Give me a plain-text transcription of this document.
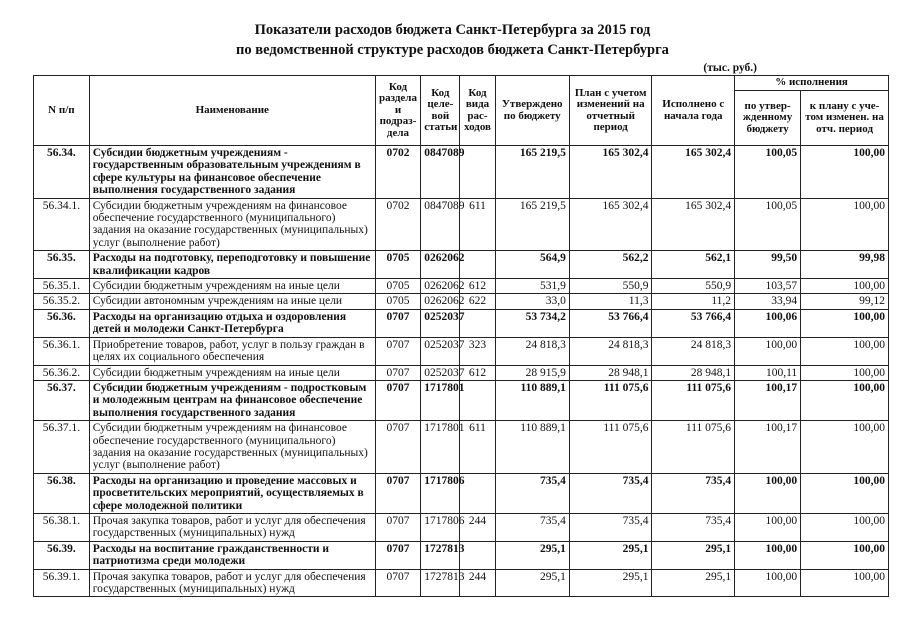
Показатели расходов бюджета Санкт-Петербурга за 2015 год
по ведомственной структуре расходов бюджета Санкт-Петербурга
(тыс. руб.)
N п/п	Наименование	Код раздела и подраз-дела	Код целе-вой статьи	Код вида рас-ходов	Утверждено по бюджету	План с учетом изменений на отчетный период	Исполнено с начала года	% исполнения	
								по утвер-жденному бюджету	к плану с уче-том изменен. на отч. период
56.34.	Субсидии бюджетным учреждениям - государственным образовательным учреждениям в сфере культуры на финансовое обеспечение выполнения государственного задания	0702	0847089		165 219,5	165 302,4	165 302,4	100,05	100,00
56.34.1.	Субсидии бюджетным учреждениям на финансовое обеспечение государственного (муниципального) задания на оказание государственных (муниципальных) услуг (выполнение работ)	0702	0847089	611	165 219,5	165 302,4	165 302,4	100,05	100,00
56.35.	Расходы на подготовку, переподготовку и повышение квалификации кадров	0705	0262062		564,9	562,2	562,1	99,50	99,98
56.35.1.	Субсидии бюджетным учреждениям на иные цели	0705	0262062	612	531,9	550,9	550,9	103,57	100,00
56.35.2.	Субсидии автономным учреждениям на иные цели	0705	0262062	622	33,0	11,3	11,2	33,94	99,12
56.36.	Расходы на организацию отдыха и оздоровления детей и молодежи Санкт-Петербурга	0707	0252037		53 734,2	53 766,4	53 766,4	100,06	100,00
56.36.1.	Приобретение товаров, работ, услуг в пользу граждан в целях их социального обеспечения	0707	0252037	323	24 818,3	24 818,3	24 818,3	100,00	100,00
56.36.2.	Субсидии бюджетным учреждениям на иные цели	0707	0252037	612	28 915,9	28 948,1	28 948,1	100,11	100,00
56.37.	Субсидии бюджетным учреждениям - подростковым и молодежным центрам на финансовое обеспечение выполнения государственного задания	0707	1717801		110 889,1	111 075,6	111 075,6	100,17	100,00
56.37.1.	Субсидии бюджетным учреждениям на финансовое обеспечение государственного (муниципального) задания на оказание государственных (муниципальных) услуг (выполнение работ)	0707	1717801	611	110 889,1	111 075,6	111 075,6	100,17	100,00
56.38.	Расходы на организацию и проведение массовых и просветительских мероприятий, осуществляемых в сфере молодежной политики	0707	1717806		735,4	735,4	735,4	100,00	100,00
56.38.1.	Прочая закупка товаров, работ и услуг для обеспечения государственных (муниципальных) нужд	0707	1717806	244	735,4	735,4	735,4	100,00	100,00
56.39.	Расходы на воспитание гражданственности и патриотизма среди молодежи	0707	1727813		295,1	295,1	295,1	100,00	100,00
56.39.1.	Прочая закупка товаров, работ и услуг для обеспечения государственных (муниципальных) нужд	0707	1727813	244	295,1	295,1	295,1	100,00	100,00
